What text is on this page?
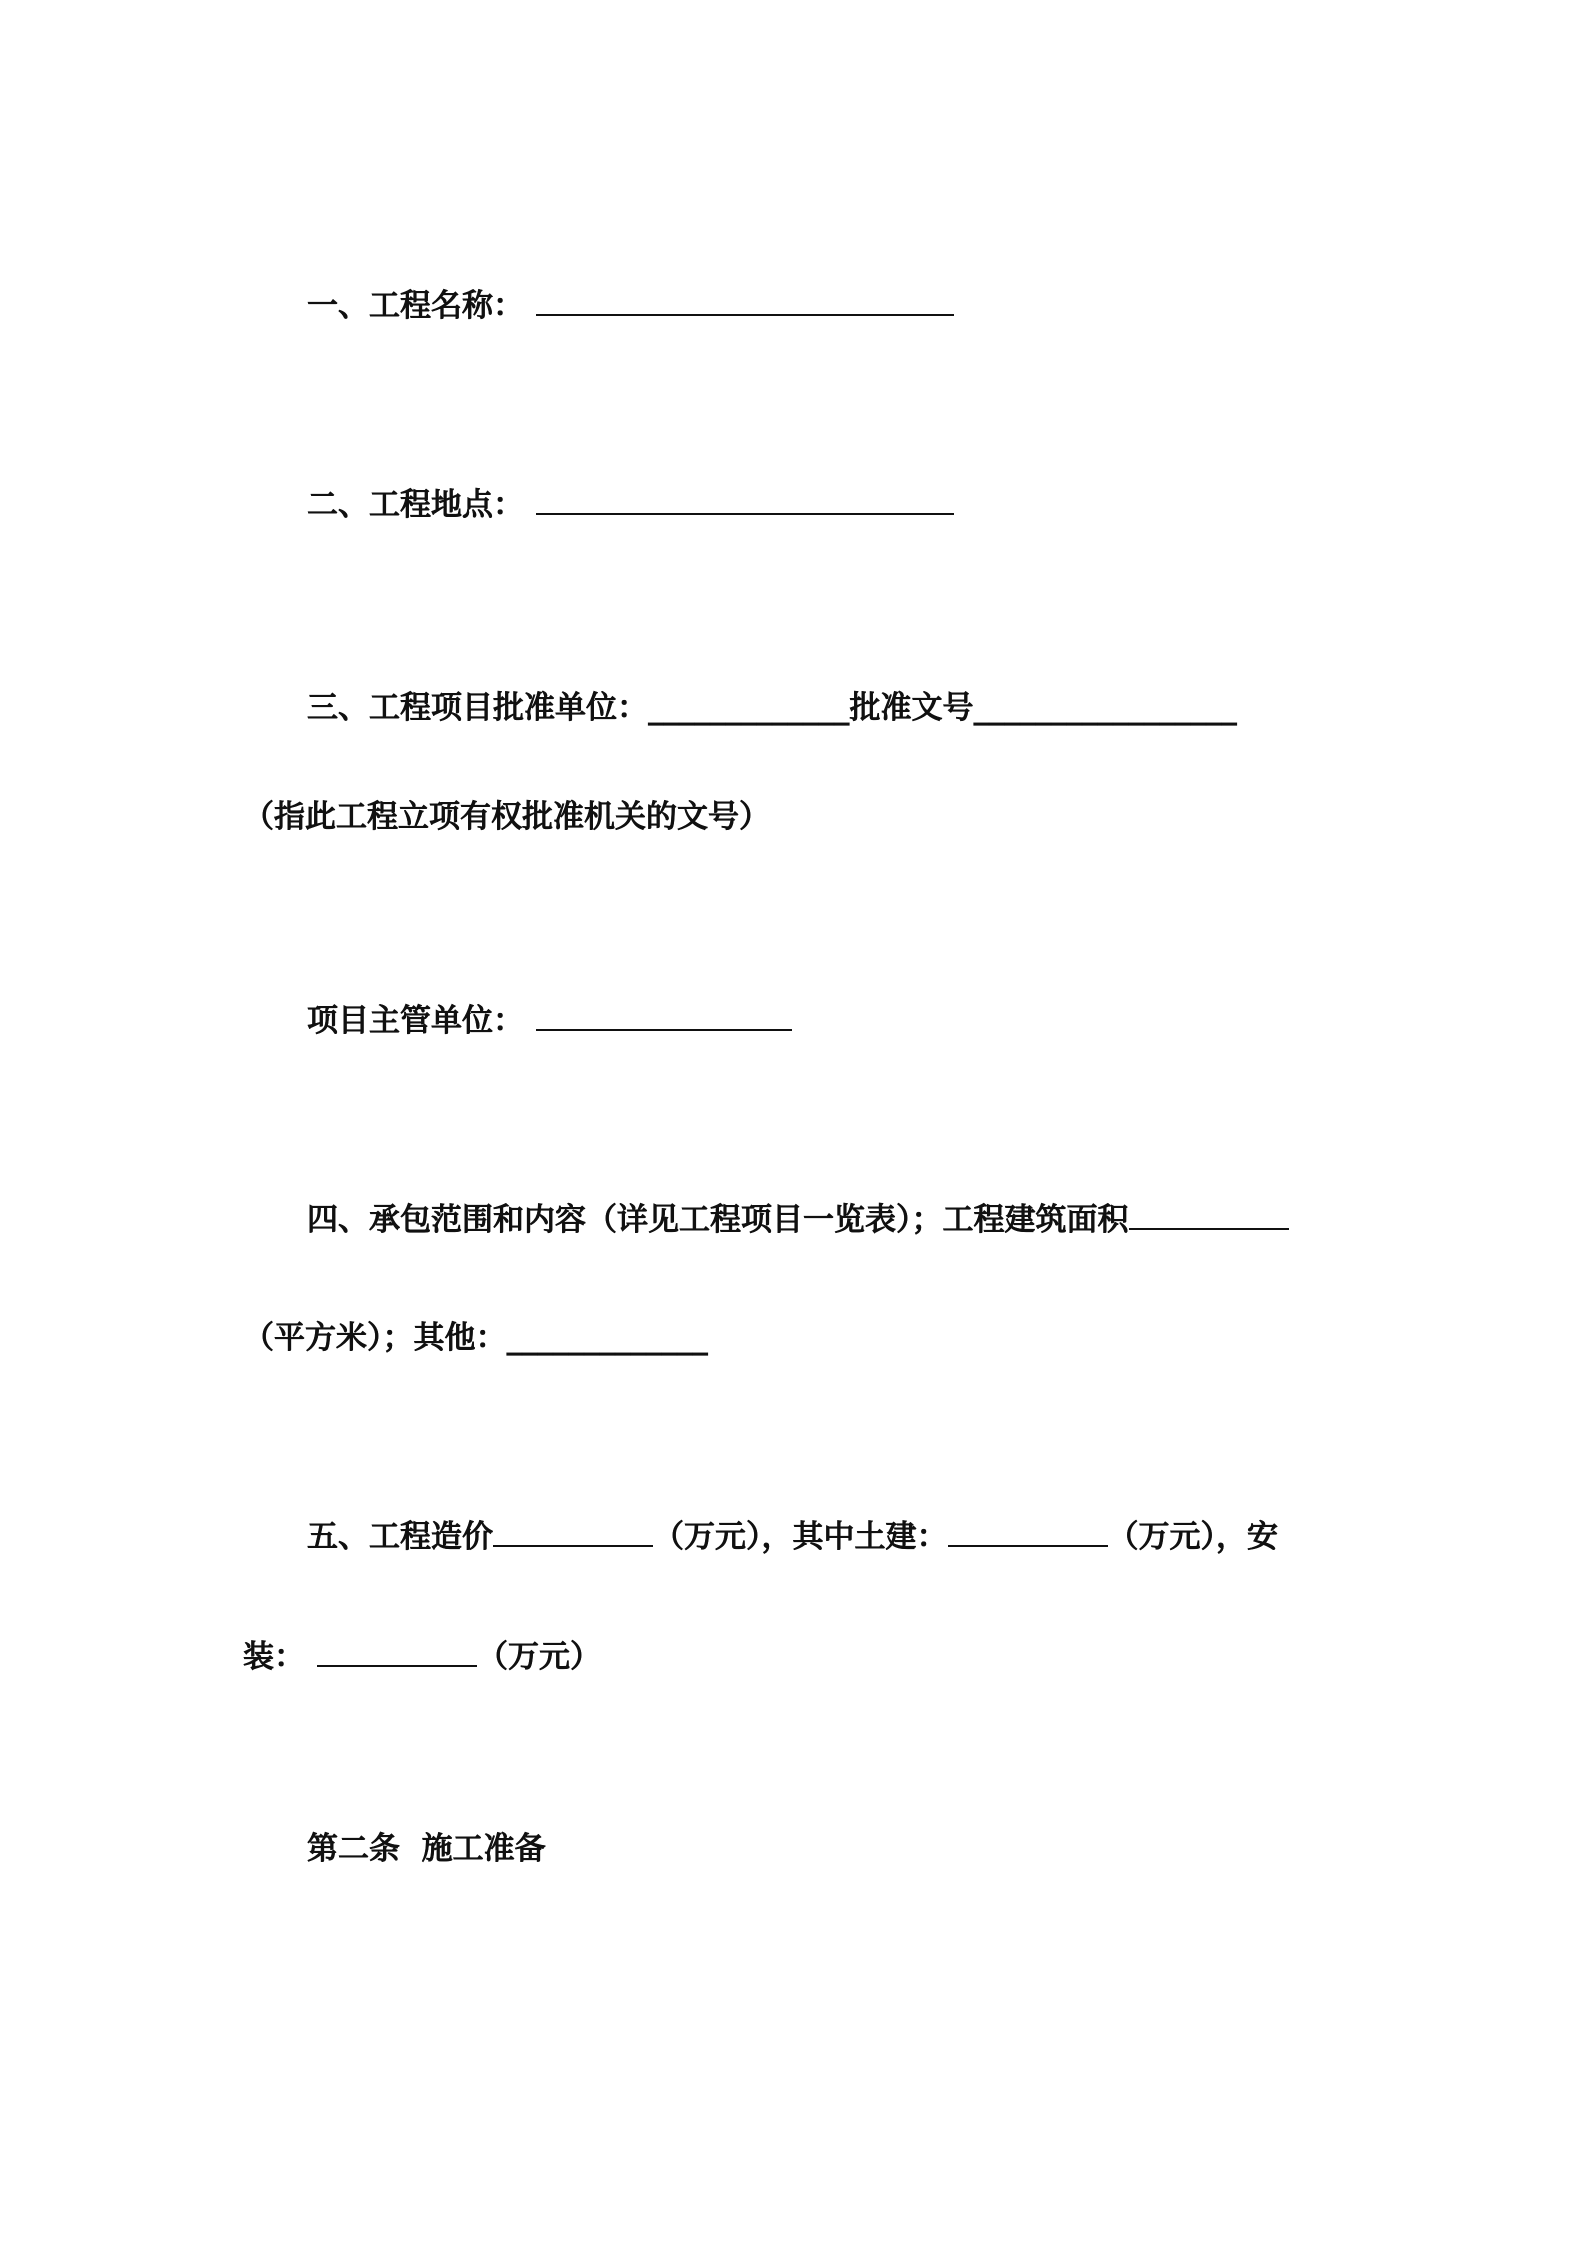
一、工程名称：
二、工程地点：
三、工程项目批准单位：_____________批准文号_________________
（指此工程立项有权批准机关的文号）
项目主管单位：
四、承包范围和内容（详见工程项目一览表）；工程建筑面积
（平方米）；其他：_____________
五、工程造价	（万元），其中土建：	（万元），安
装：	（万元）
第二条  施工准备
